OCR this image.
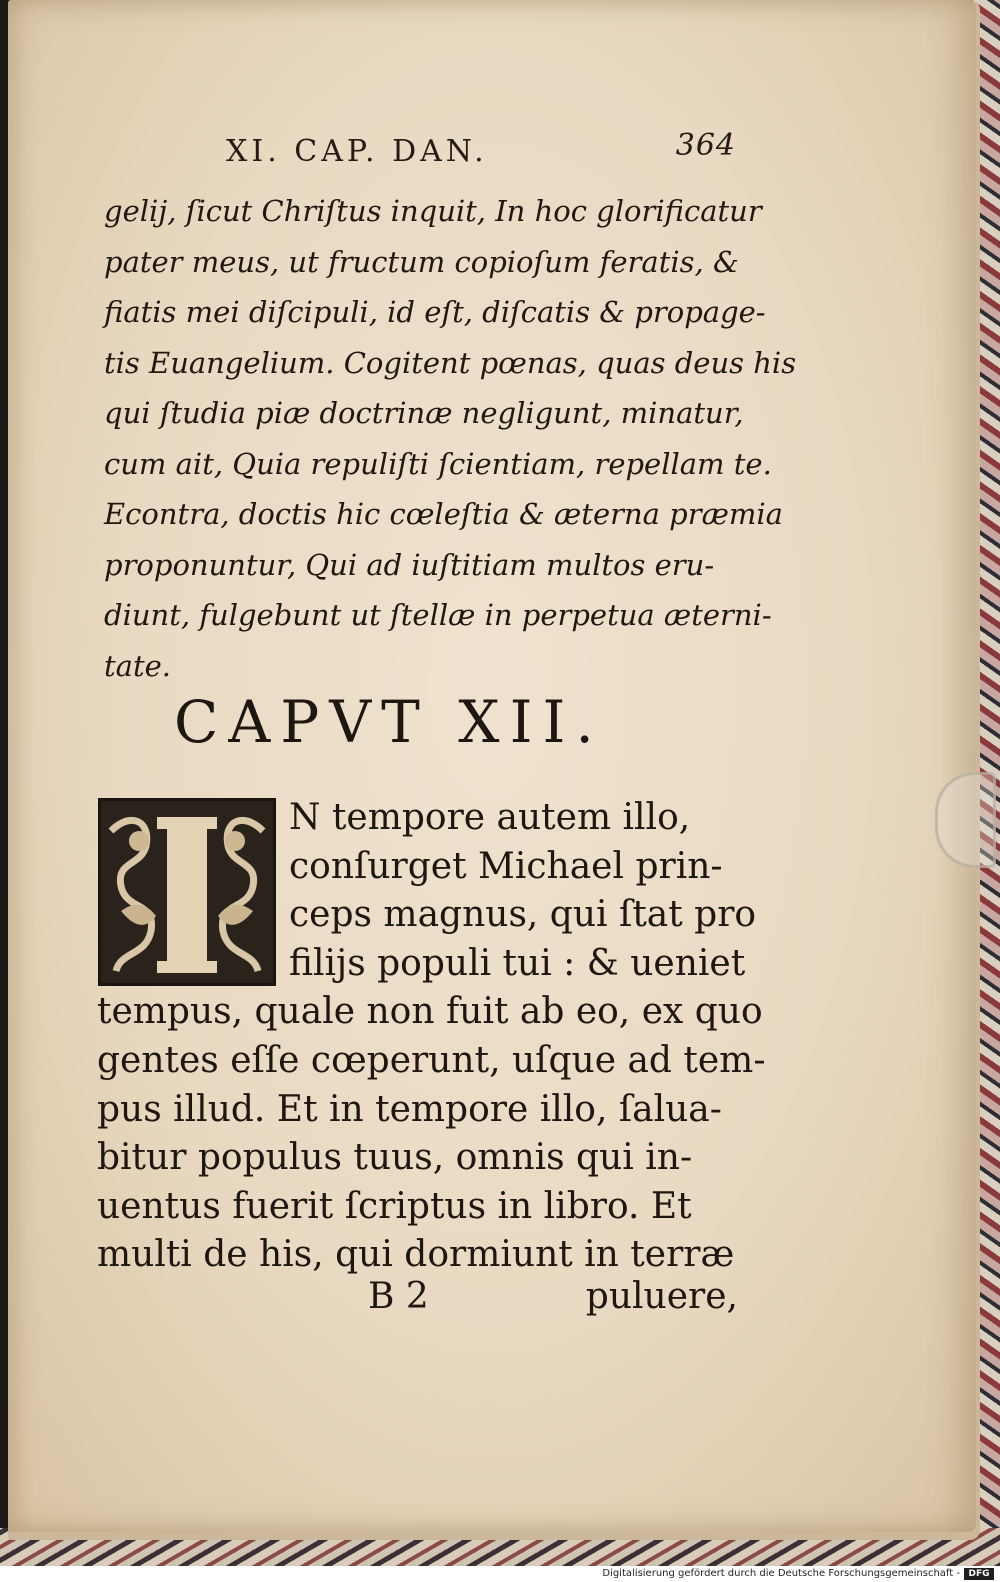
XI. CAP. DAN.	364
gelij, ſicut Chriſtus inquit, In hoc glorificatur
pater meus, ut fructum copioſum feratis, &
fiatis mei diſcipuli, id eſt, diſcatis & propage-
tis Euangelium. Cogitent pœnas, quas deus his
qui ſtudia piæ doctrinæ negligunt, minatur,
cum ait, Quia repuliſti ſcientiam, repellam te.
Econtra, doctis hic cœleſtia & æterna præmia
proponuntur, Qui ad iuſtitiam multos eru-
diunt, fulgebunt ut ſtellæ in perpetua æterni-
tate.
CAPVT XII.
N tempore autem illo,
conſurget Michael prin-
ceps magnus, qui ſtat pro
filijs populi tui : & ueniet
tempus, quale non fuit ab eo, ex quo
gentes eſſe cœperunt, uſque ad tem-
pus illud. Et in tempore illo, ſalua-
bitur populus tuus, omnis qui in-
uentus fuerit ſcriptus in libro. Et
multi de his, qui dormiunt in terræ
B 2	puluere,
Digitalisierung gefördert durch die Deutsche Forschungsgemeinschaft - DFG
